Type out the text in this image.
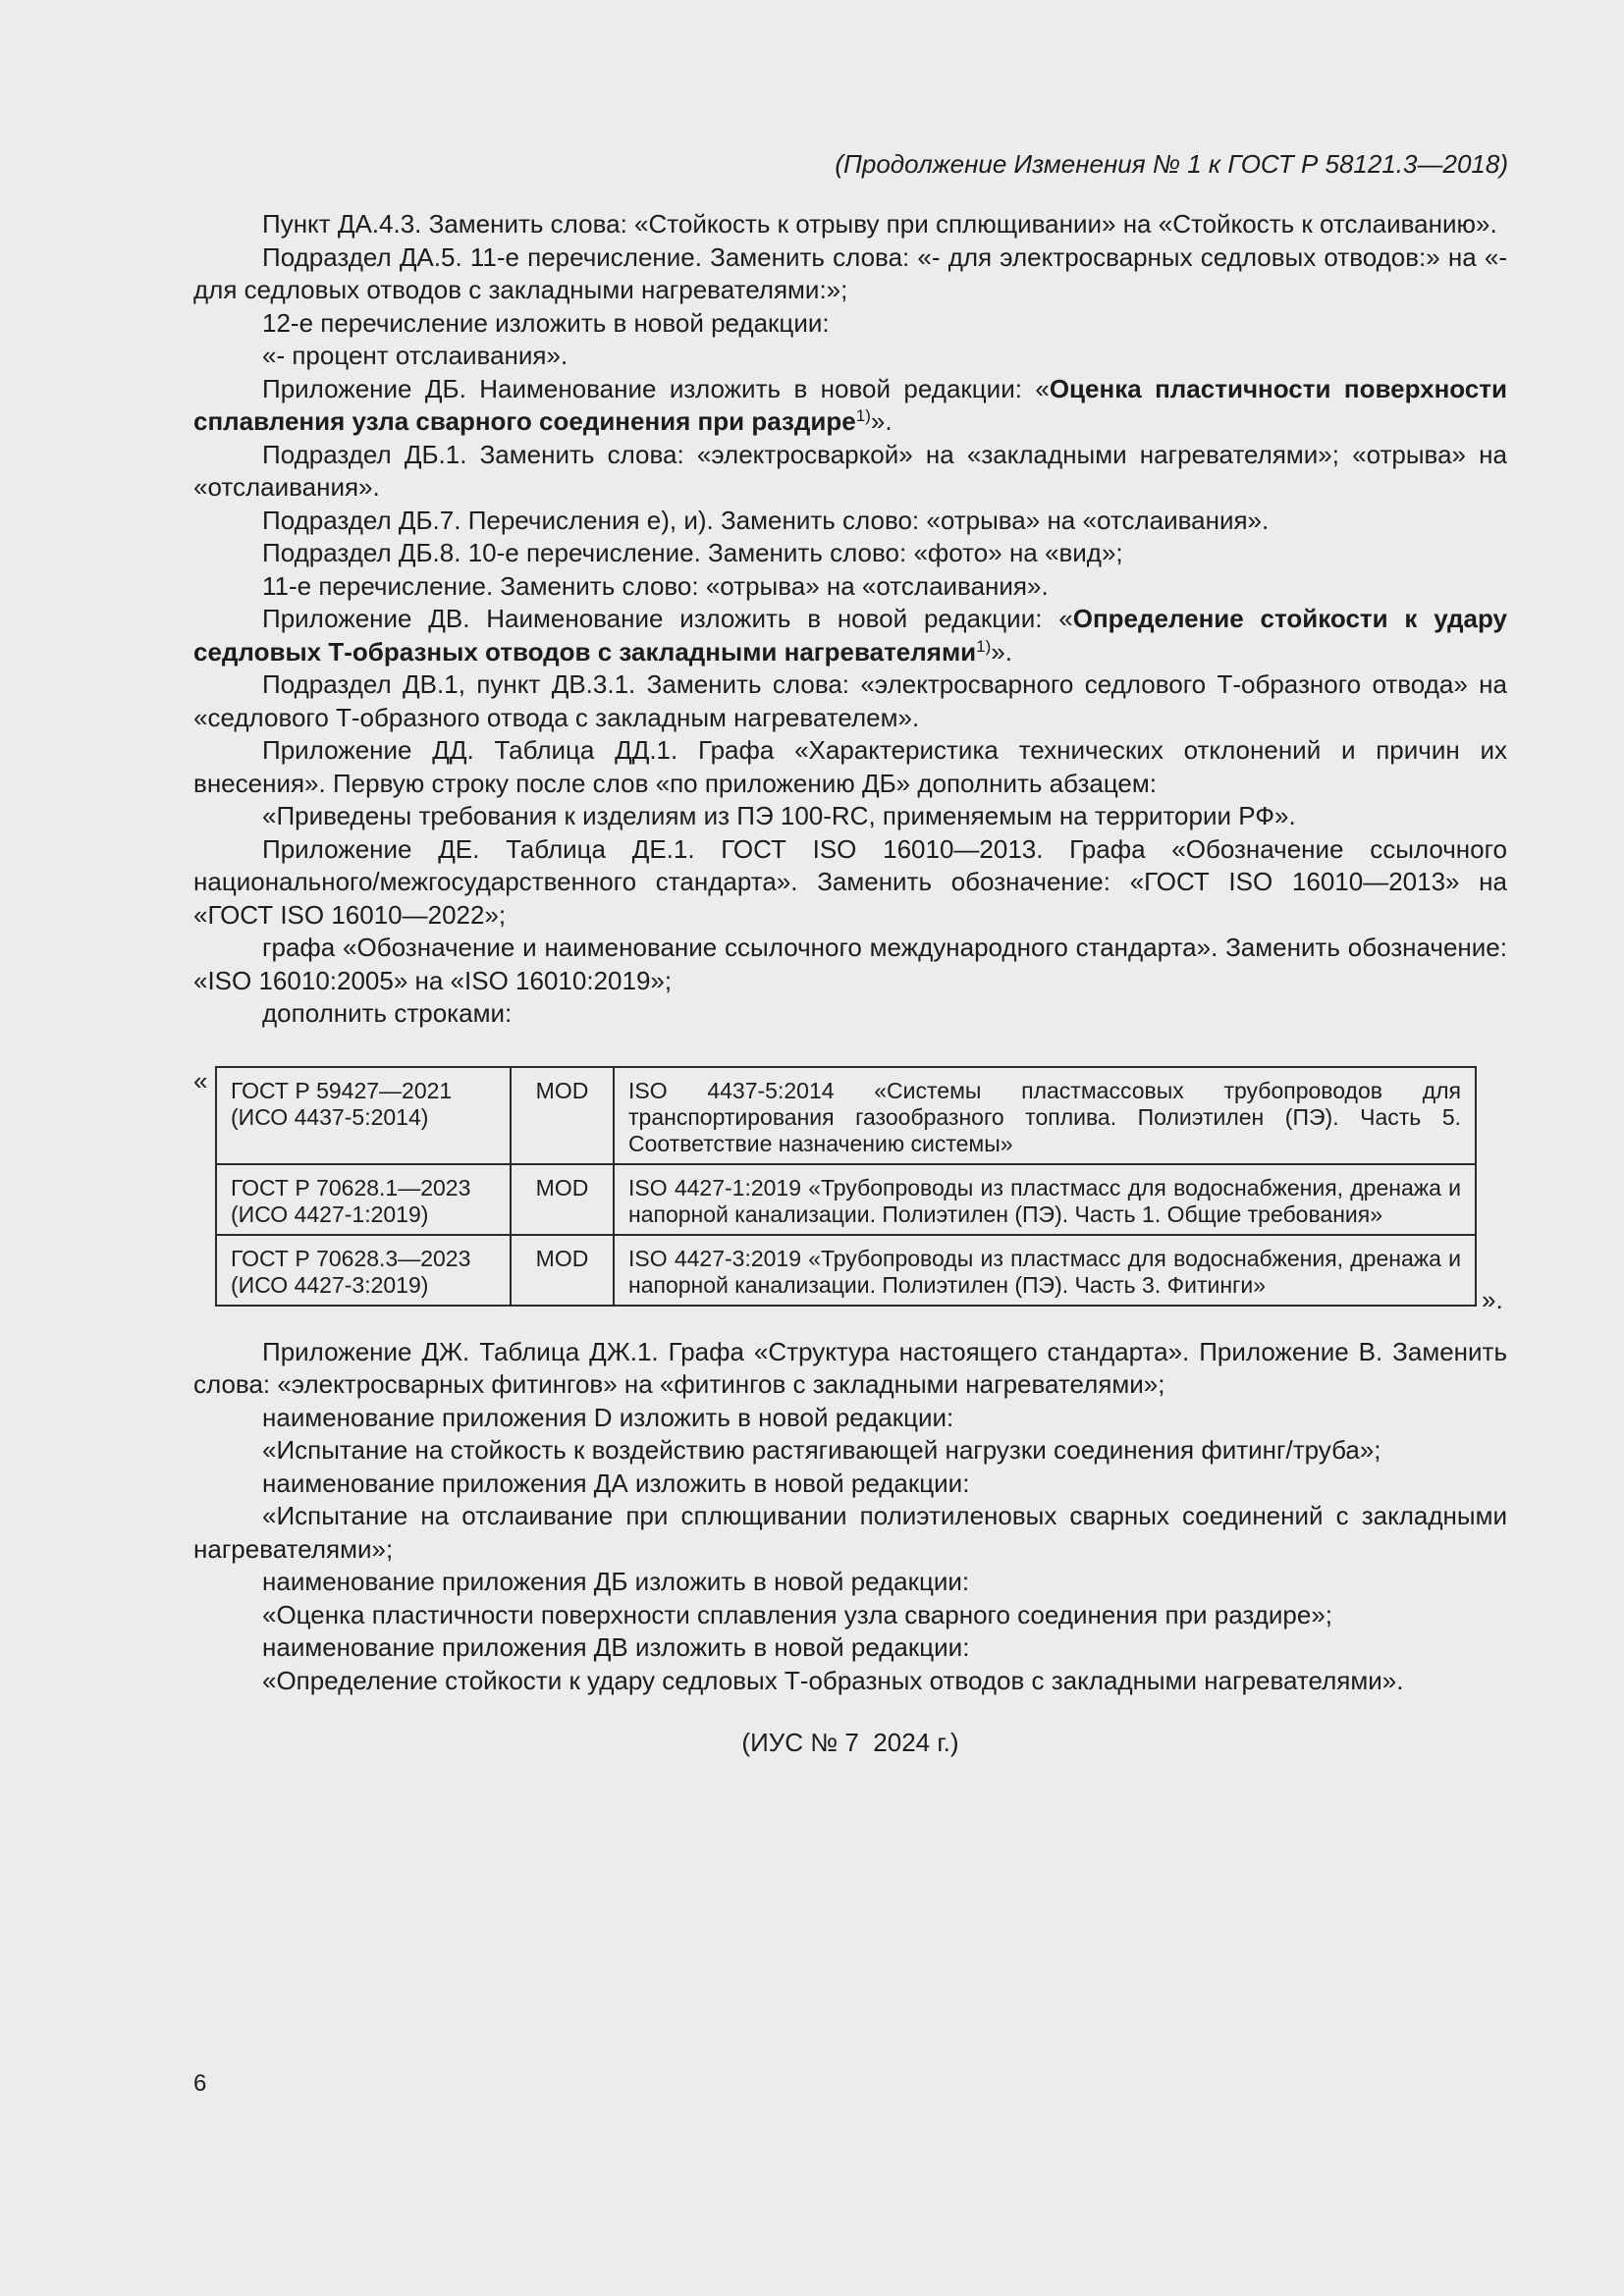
(Продолжение Изменения № 1 к ГОСТ Р 58121.3—2018)

Пункт ДА.4.3. Заменить слова: «Стойкость к отрыву при сплющивании» на «Стойкость к отслаиванию».

Подраздел ДА.5. 11-е перечисление. Заменить слова: «- для электросварных седловых отводов:» на «- для седловых отводов с закладными нагревателями:»;

12-е перечисление изложить в новой редакции:

«- процент отслаивания».

Приложение ДБ. Наименование изложить в новой редакции: «Оценка пластичности поверхности сплавления узла сварного соединения при раздире$^{1)}$».

Подраздел ДБ.1. Заменить слова: «электросваркой» на «закладными нагревателями»; «отрыва» на «отслаивания».

Подраздел ДБ.7. Перечисления е), и). Заменить слово: «отрыва» на «отслаивания».

Подраздел ДБ.8. 10-е перечисление. Заменить слово: «фото» на «вид»;

11-е перечисление. Заменить слово: «отрыва» на «отслаивания».

Приложение ДВ. Наименование изложить в новой редакции: «Определение стойкости к удару седловых Т-образных отводов с закладными нагревателями$^{1)}$».

Подраздел ДВ.1, пункт ДВ.3.1. Заменить слова: «электросварного седлового Т-образного отвода» на «седлового Т-образного отвода с закладным нагревателем».

Приложение ДД. Таблица ДД.1. Графа «Характеристика технических отклонений и причин их внесения». Первую строку после слов «по приложению ДБ» дополнить абзацем:

«Приведены требования к изделиям из ПЭ 100-RC, применяемым на территории РФ».

Приложение ДЕ. Таблица ДЕ.1. ГОСТ ISO 16010—2013. Графа «Обозначение ссылочного национального/межгосударственного стандарта». Заменить обозначение: «ГОСТ ISO 16010—2013» на «ГОСТ ISO 16010—2022»;

графа «Обозначение и наименование ссылочного международного стандарта». Заменить обозначение: «ISO 16010:2005» на «ISO 16010:2019»;

дополнить строками:

« ГОСТ Р 59427—2021
(ИСО 4437-5:2014)	MOD	ISO 4437-5:2014 «Системы пластмассовых трубопроводов для транспортирования газообразного топлива. Полиэтилен (ПЭ). Часть 5. Соответствие назначению системы»
ГОСТ Р 70628.1—2023
(ИСО 4427-1:2019)	MOD	ISO 4427-1:2019 «Трубопроводы из пластмасс для водоснабжения, дренажа и напорной канализации. Полиэтилен (ПЭ). Часть 1. Общие требования»
ГОСТ Р 70628.3—2023
(ИСО 4427-3:2019)	MOD	ISO 4427-3:2019 «Трубопроводы из пластмасс для водоснабжения, дренажа и напорной канализации. Полиэтилен (ПЭ). Часть 3. Фитинги»	».

Приложение ДЖ. Таблица ДЖ.1. Графа «Структура настоящего стандарта». Приложение В. Заменить слова: «электросварных фитингов» на «фитингов с закладными нагревателями»;

наименование приложения D изложить в новой редакции:

«Испытание на стойкость к воздействию растягивающей нагрузки соединения фитинг/труба»;

наименование приложения ДА изложить в новой редакции:

«Испытание на отслаивание при сплющивании полиэтиленовых сварных соединений с закладными нагревателями»;

наименование приложения ДБ изложить в новой редакции:

«Оценка пластичности поверхности сплавления узла сварного соединения при раздире»;

наименование приложения ДВ изложить в новой редакции:

«Определение стойкости к удару седловых Т-образных отводов с закладными нагревателями».

(ИУС № 7  2024 г.)

6
